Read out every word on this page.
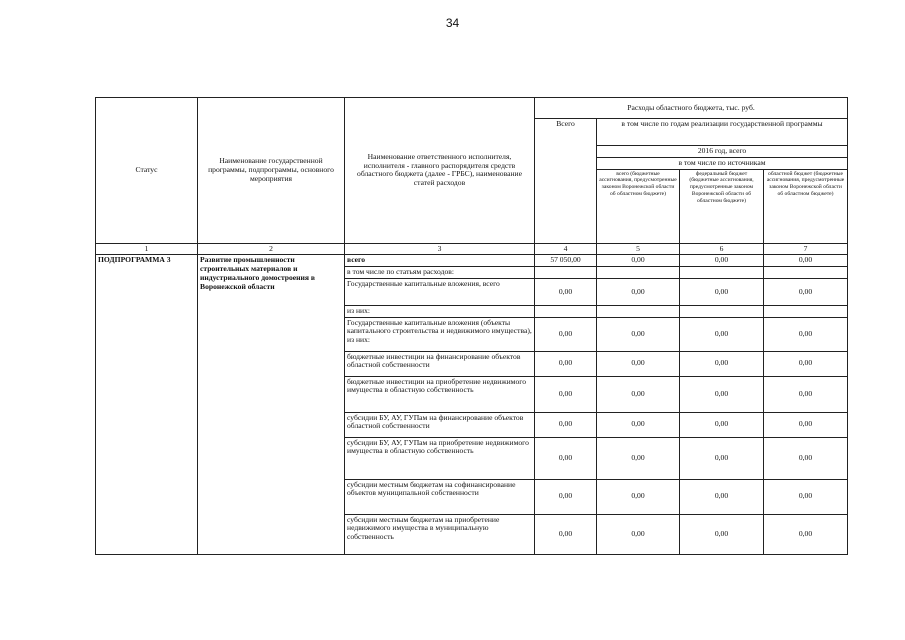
34
Статус	Наименование государственной программы, подпрограммы, основного мероприятия	Наименование ответственного исполнителя, исполнителя - главного распорядителя средств областного бюджета (далее - ГРБС), наименование статей расходов	Расходы областного бюджета, тыс. руб.			
			Всего	в том числе по годам реализации государственной программы		
				2016 год, всего		
				в том числе по источникам		
				всего (бюджетные ассигнования, предусмотренные законом Воронежской области об областном бюджете)	федеральный бюджет (бюджетные ассигнования, предусмотренные законом Воронежской области об областном бюджете)	областной бюджет (бюджетные ассигнования, предусмотренные законом Воронежской области об областном бюджете)
1	2	3	4	5	6	7
ПОДПРОГРАММА 3	Развитие промышленности строительных материалов и индустриального домостроения в Воронежской области	всего	57 050,00	0,00	0,00	0,00
		в том числе по статьям расходов:				
		Государственные капитальные вложения, всего	0,00	0,00	0,00	0,00
		из них:				
		Государственные капитальные вложения (объекты капитального строительства и недвижимого имущества), из них:	0,00	0,00	0,00	0,00
		бюджетные инвестиции на финансирование объектов областной собственности	0,00	0,00	0,00	0,00
		бюджетные инвестиции на приобретение недвижимого имущества в областную собственность	0,00	0,00	0,00	0,00
		субсидии БУ, АУ, ГУПам на финансирование объектов областной собственности	0,00	0,00	0,00	0,00
		субсидии БУ, АУ, ГУПам на приобретение недвижимого имущества в областную собственность	0,00	0,00	0,00	0,00
		субсидии местным бюджетам на софинансирование объектов муниципальной собственности	0,00	0,00	0,00	0,00
		субсидии местным бюджетам на приобретение недвижимого имущества в муниципальную собственность	0,00	0,00	0,00	0,00
